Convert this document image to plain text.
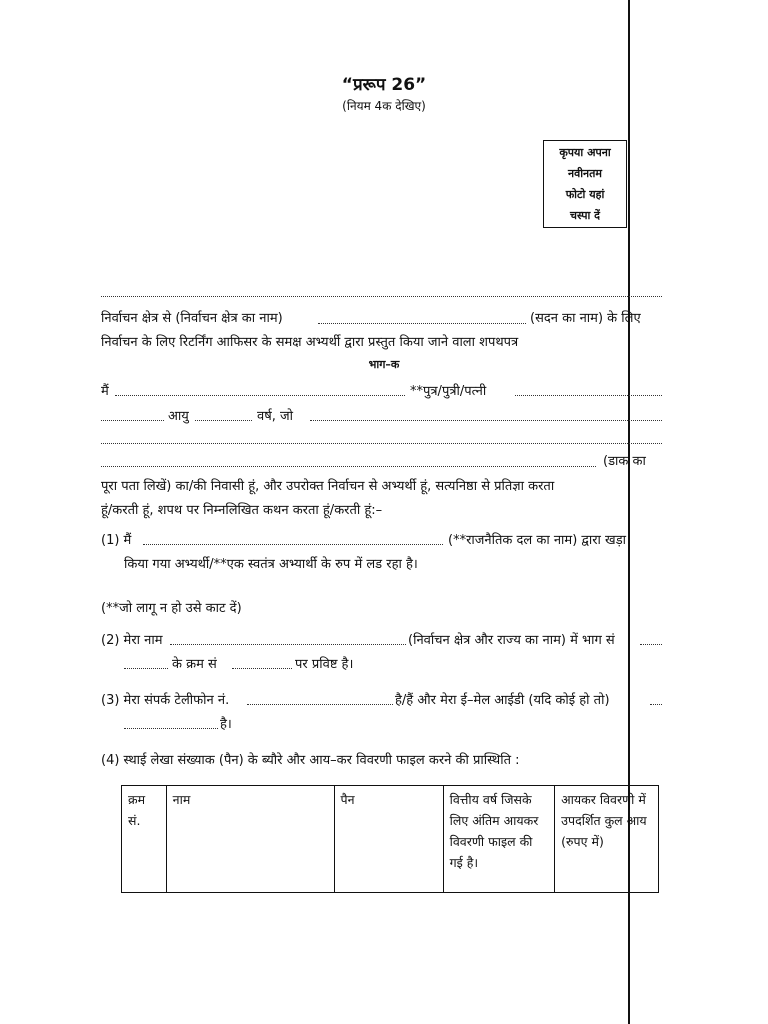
“प्ररूप 26”
(नियम 4क देखिए)
कृपया अपना
नवीनतम
फोटो यहां
चस्पा दें
निर्वाचन क्षेत्र से (निर्वाचन क्षेत्र का नाम)	(सदन का नाम) के लिए
निर्वाचन के लिए रिटर्निंग आफिसर के समक्ष अभ्यर्थी द्वारा प्रस्तुत किया जाने वाला शपथपत्र
भाग–क
मैं	**पुत्र/पुत्री/पत्नी
आयु	वर्ष, जो
(डाक का
पूरा पता लिखें) का/की निवासी हूं, और उपरोक्त निर्वाचन से अभ्यर्थी हूं, सत्यनिष्ठा से प्रतिज्ञा करता
हूं/करती हूं, शपथ पर निम्नलिखित कथन करता हूं/करती हूं:–
(1) मैं	(**राजनैतिक दल का नाम) द्वारा खड़ा
किया गया अभ्यर्थी/**एक स्वतंत्र अभ्यार्थी के रुप में लड रहा है।
(**जो लागू न हो उसे काट दें)
(2) मेरा नाम	(निर्वाचन क्षेत्र और राज्य का नाम) में भाग सं
के क्रम सं	पर प्रविष्ट है।
(3) मेरा संपर्क टेलीफोन नं.	है/हैं और मेरा ई–मेल आईडी (यदि कोई हो तो)
है।
(4) स्थाई लेखा संख्याक (पैन) के ब्यौरे और आय–कर विवरणी फाइल करने की प्रास्थिति :
क्रम सं.	नाम	पैन	वित्तीय वर्ष जिसके लिए अंतिम आयकर विवरणी फाइल की गई है।	आयकर विवरणी में उपदर्शित कुल आय (रुपए में)
